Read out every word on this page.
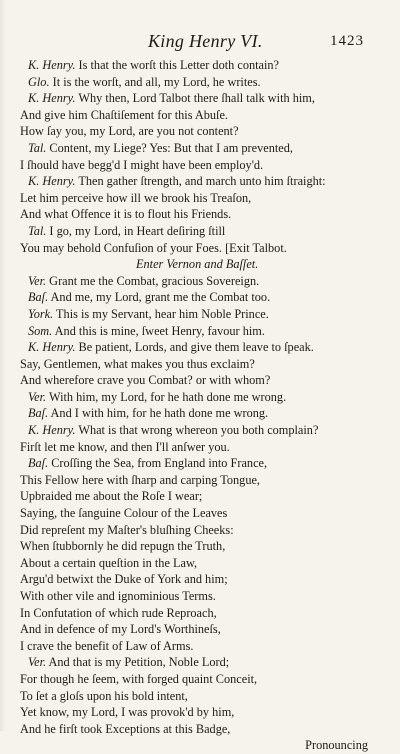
King Henry VI.	1423
K. Henry. Is that the worſt this Letter doth contain?
Glo. It is the worſt, and all, my Lord, he writes.
K. Henry. Why then, Lord Talbot there ſhall talk with him,
And give him Chaſtiſement for this Abuſe.
How ſay you, my Lord, are you not content?
Tal. Content, my Liege? Yes: But that I am prevented,
I ſhould have begg'd I might have been employ'd.
K. Henry. Then gather ſtrength, and march unto him ſtraight:
Let him perceive how ill we brook his Treaſon,
And what Offence it is to flout his Friends.
Tal. I go, my Lord, in Heart deſiring ſtill
You may behold Confuſion of your Foes. [Exit Talbot.
Enter Vernon and Baſſet.
Ver. Grant me the Combat, gracious Sovereign.
Baſ. And me, my Lord, grant me the Combat too.
York. This is my Servant, hear him Noble Prince.
Som. And this is mine, ſweet Henry, favour him.
K. Henry. Be patient, Lords, and give them leave to ſpeak.
Say, Gentlemen, what makes you thus exclaim?
And wherefore crave you Combat? or with whom?
Ver. With him, my Lord, for he hath done me wrong.
Baſ. And I with him, for he hath done me wrong.
K. Henry. What is that wrong whereon you both complain?
Firſt let me know, and then I'll anſwer you.
Baſ. Croſſing the Sea, from England into France,
This Fellow here with ſharp and carping Tongue,
Upbraided me about the Roſe I wear;
Saying, the ſanguine Colour of the Leaves
Did repreſent my Maſter's bluſhing Cheeks:
When ſtubbornly he did repugn the Truth,
About a certain queſtion in the Law,
Argu'd betwixt the Duke of York and him;
With other vile and ignominious Terms.
In Confutation of which rude Reproach,
And in defence of my Lord's Worthineſs,
I crave the benefit of Law of Arms.
Ver. And that is my Petition, Noble Lord;
For though he ſeem, with forged quaint Conceit,
To ſet a gloſs upon his bold intent,
Yet know, my Lord, I was provok'd by him,
And he firſt took Exceptions at this Badge,
Pronouncing
